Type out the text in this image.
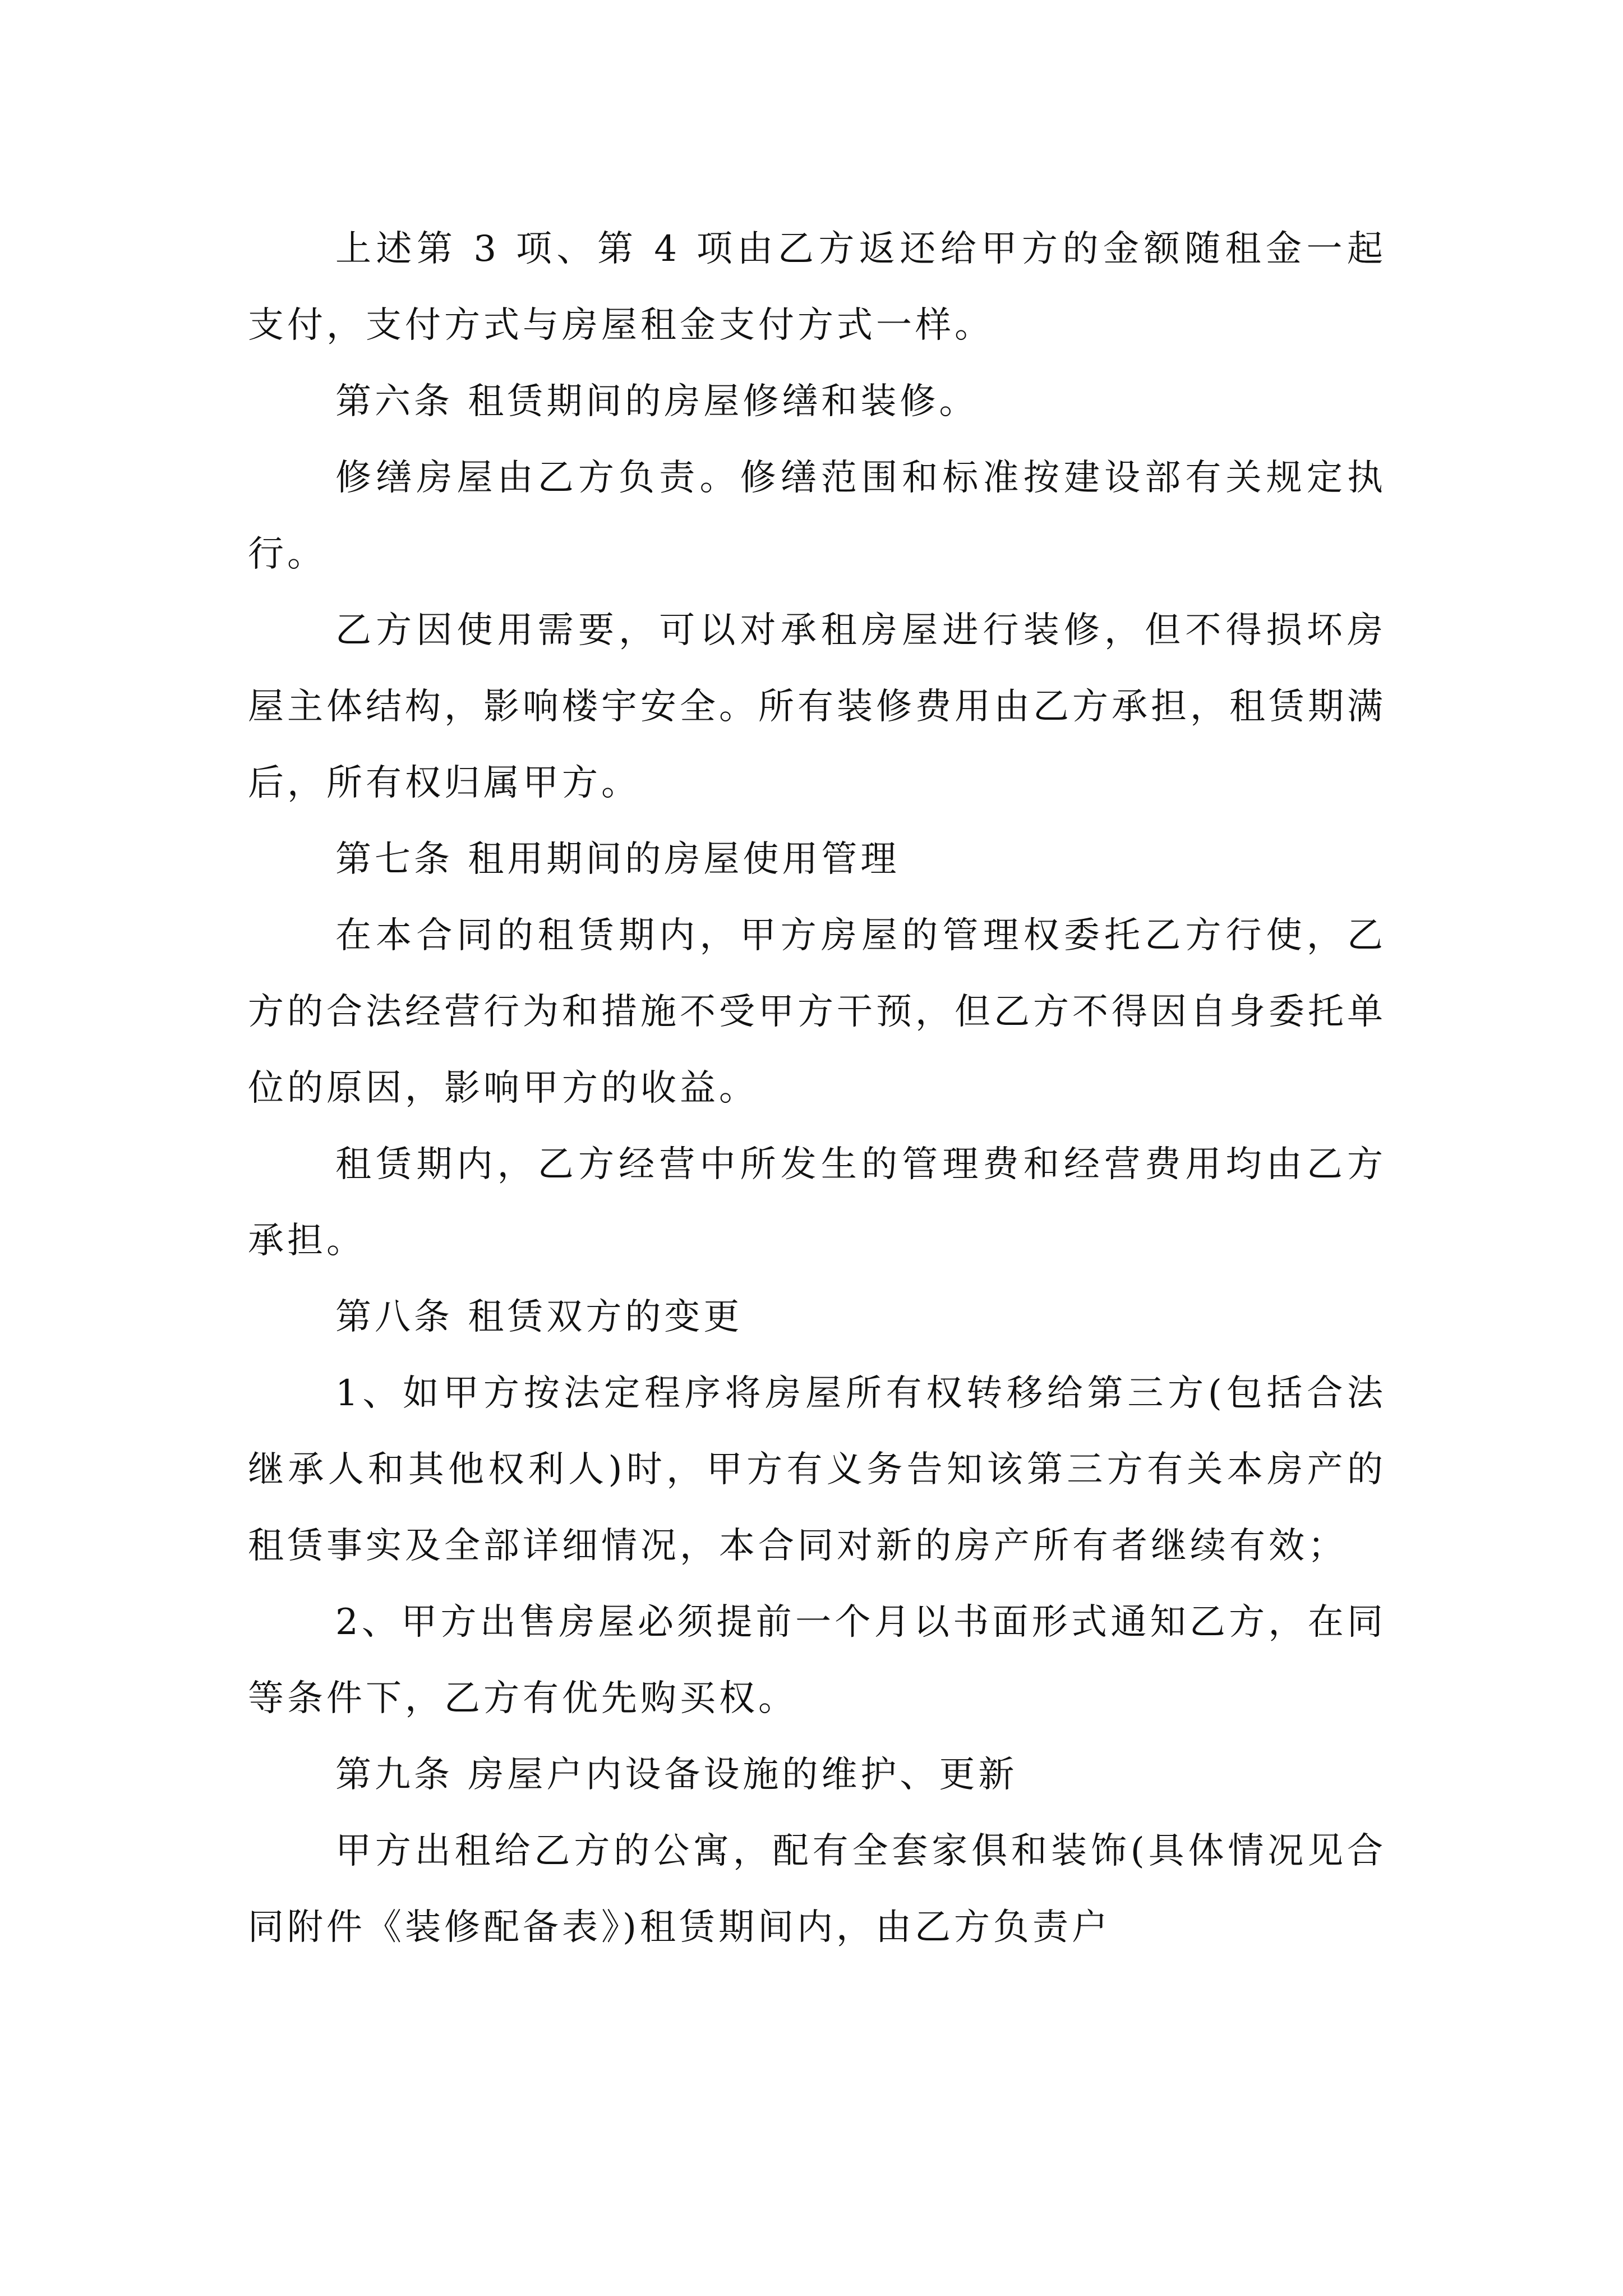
上述第 3 项、第 4 项由乙方返还给甲方的金额随租金一起支付，支付方式与房屋租金支付方式一样。

第六条 租赁期间的房屋修缮和装修。

修缮房屋由乙方负责。修缮范围和标准按建设部有关规定执行。

乙方因使用需要，可以对承租房屋进行装修，但不得损坏房屋主体结构，影响楼宇安全。所有装修费用由乙方承担，租赁期满后，所有权归属甲方。

第七条 租用期间的房屋使用管理

在本合同的租赁期内，甲方房屋的管理权委托乙方行使，乙方的合法经营行为和措施不受甲方干预，但乙方不得因自身委托单位的原因，影响甲方的收益。

租赁期内，乙方经营中所发生的管理费和经营费用均由乙方承担。

第八条 租赁双方的变更

1、如甲方按法定程序将房屋所有权转移给第三方(包括合法继承人和其他权利人)时，甲方有义务告知该第三方有关本房产的租赁事实及全部详细情况，本合同对新的房产所有者继续有效；

2、甲方出售房屋必须提前一个月以书面形式通知乙方，在同等条件下，乙方有优先购买权。

第九条 房屋户内设备设施的维护、更新

甲方出租给乙方的公寓，配有全套家俱和装饰(具体情况见合同附件《装修配备表》)租赁期间内，由乙方负责户
